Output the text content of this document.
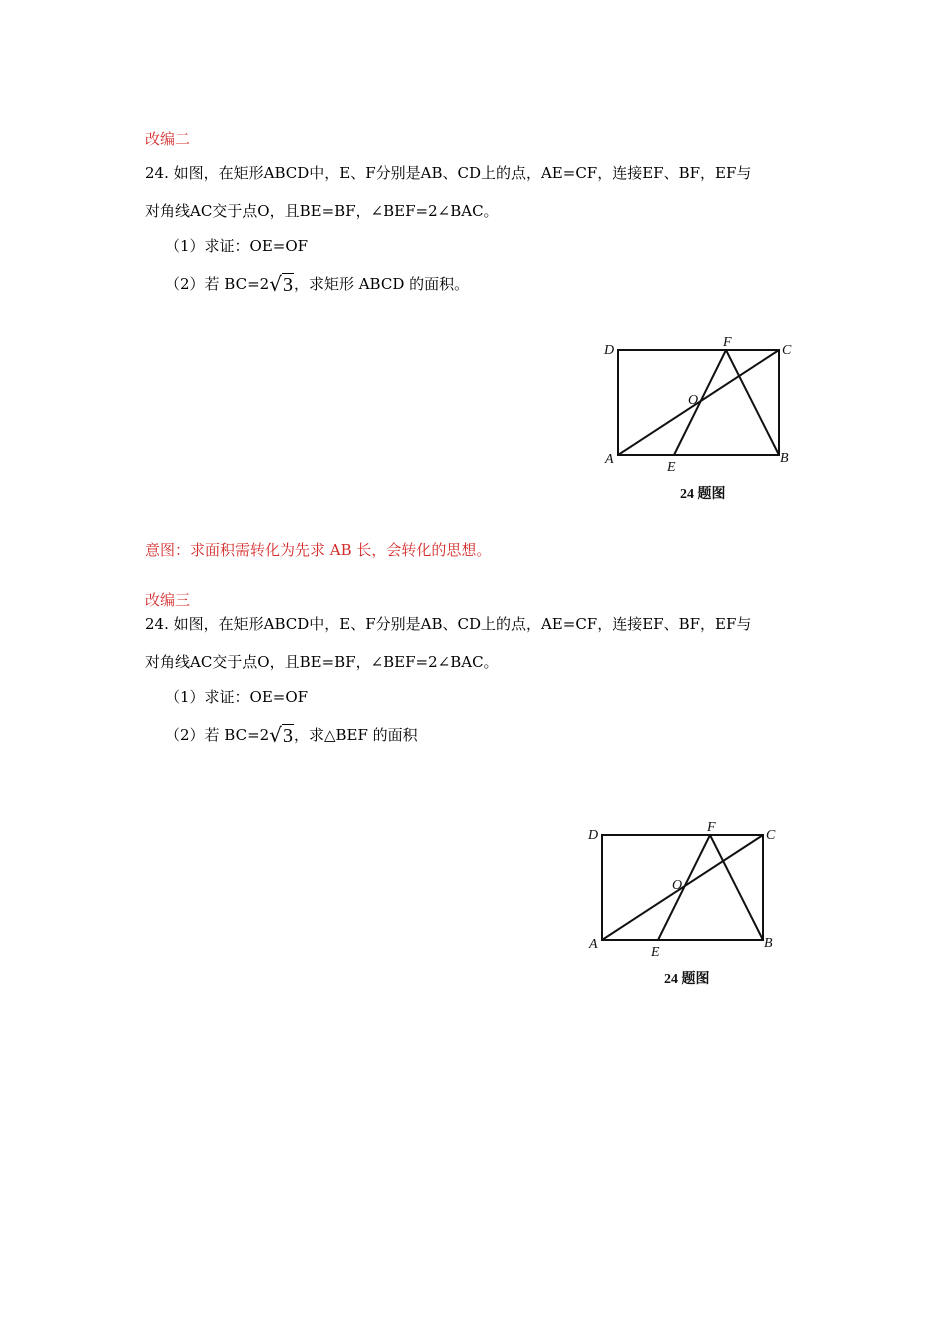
改编二
24. 如图，在矩形ABCD中，E、F分别是AB、CD上的点，AE=CF，连接EF、BF，EF与
对角线AC交于点O，且BE=BF，∠BEF=2∠BAC。
（1）求证：OE=OF
（2）若 BC=2√3，求矩形 ABCD 的面积。
D	C
F
O
A
E
B
24 题图
意图：求面积需转化为先求 AB 长，会转化的思想。
改编三
24. 如图，在矩形ABCD中，E、F分别是AB、CD上的点，AE=CF，连接EF、BF，EF与
对角线AC交于点O，且BE=BF，∠BEF=2∠BAC。
（1）求证：OE=OF
（2）若 BC=2√3，求△BEF 的面积
D	C
F
O
A
E
B
24 题图
